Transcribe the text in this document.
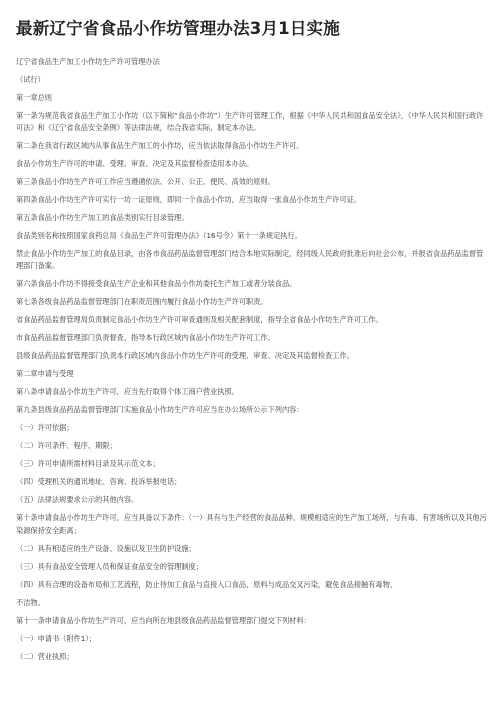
最新辽宁省食品小作坊管理办法3月1日实施

辽宁省食品生产加工小作坊生产许可管理办法

（试行）

第一章总则

第一条为规范我省食品生产加工小作坊（以下简称“食品小作坊”）生产许可管理工作，根据《中华人民共和国食品安全法》，《中华人民共和国行政许可法》和《辽宁省食品安全条例》等法律法规，结合我省实际，制定本办法。

第二条在我省行政区域内从事食品生产加工的小作坊，应当依法取得食品小作坊生产许可。

食品小作坊生产许可的申请、受理、审查、决定及其监督检查适用本办法。

第三条食品小作坊生产许可工作应当遵循依法、公开、公正、便民、高效的原则。

第四条食品小作坊生产许可实行一坊一证原则，即同一个食品小作坊，应当取得一张食品小作坊生产许可证。

第五条食品小作坊生产加工的食品类别实行目录管理。

食品类别名称按照国家食药总局《食品生产许可管理办法》（16号令）第十一条规定执行。

禁止食品小作坊生产加工的食品目录，由各市食品药品监督管理部门结合本地实际制定，经同级人民政府批准后向社会公布，并报省食品药品监督管理部门备案。

第六条食品小作坊不得接受食品生产企业和其他食品小作坊委托生产加工或者分装食品。

第七条各级食品药品监督管理部门在职责范围内履行食品小作坊生产许可职责。

省食品药品监督管理局负责制定食品小作坊生产许可审查通则及相关配套制度，指导全省食品小作坊生产许可工作。

市食品药品监督管理部门负责督查、指导本行政区域内食品小作坊生产许可工作。

县级食品药品监督管理部门负责本行政区域内食品小作坊生产许可的受理、审查、决定及其监督检查工作。

第二章申请与受理

第八条申请食品小作坊生产许可，应当先行取得个体工商户营业执照。

第九条县级食品药品监督管理部门实施食品小作坊生产许可应当在办公场所公示下列内容：

（一）许可依据；

（二）许可条件、程序、期限；

（三）许可申请所需材料目录及其示范文本；

（四）受理机关的通讯地址、咨询、投诉举报电话；

（五）法律法规要求公示的其他内容。

第十条申请食品小作坊生产许可，应当具备以下条件：（一）具有与生产经营的食品品种、规模相适应的生产加工场所，与有毒、有害场所以及其他污染源保持安全距离；

（二）具有相适应的生产设备、设施以及卫生防护设施；

（三）具有食品安全管理人员和保证食品安全的管理制度；

（四）具有合理的设备布局和工艺流程，防止待加工食品与直接入口食品、原料与成品交叉污染，避免食品接触有毒物、

不洁物。

第十一条申请食品小作坊生产许可，应当向所在地县级食品药品监督管理部门提交下列材料：

（一）申请书（附件1）；

（二）营业执照；
